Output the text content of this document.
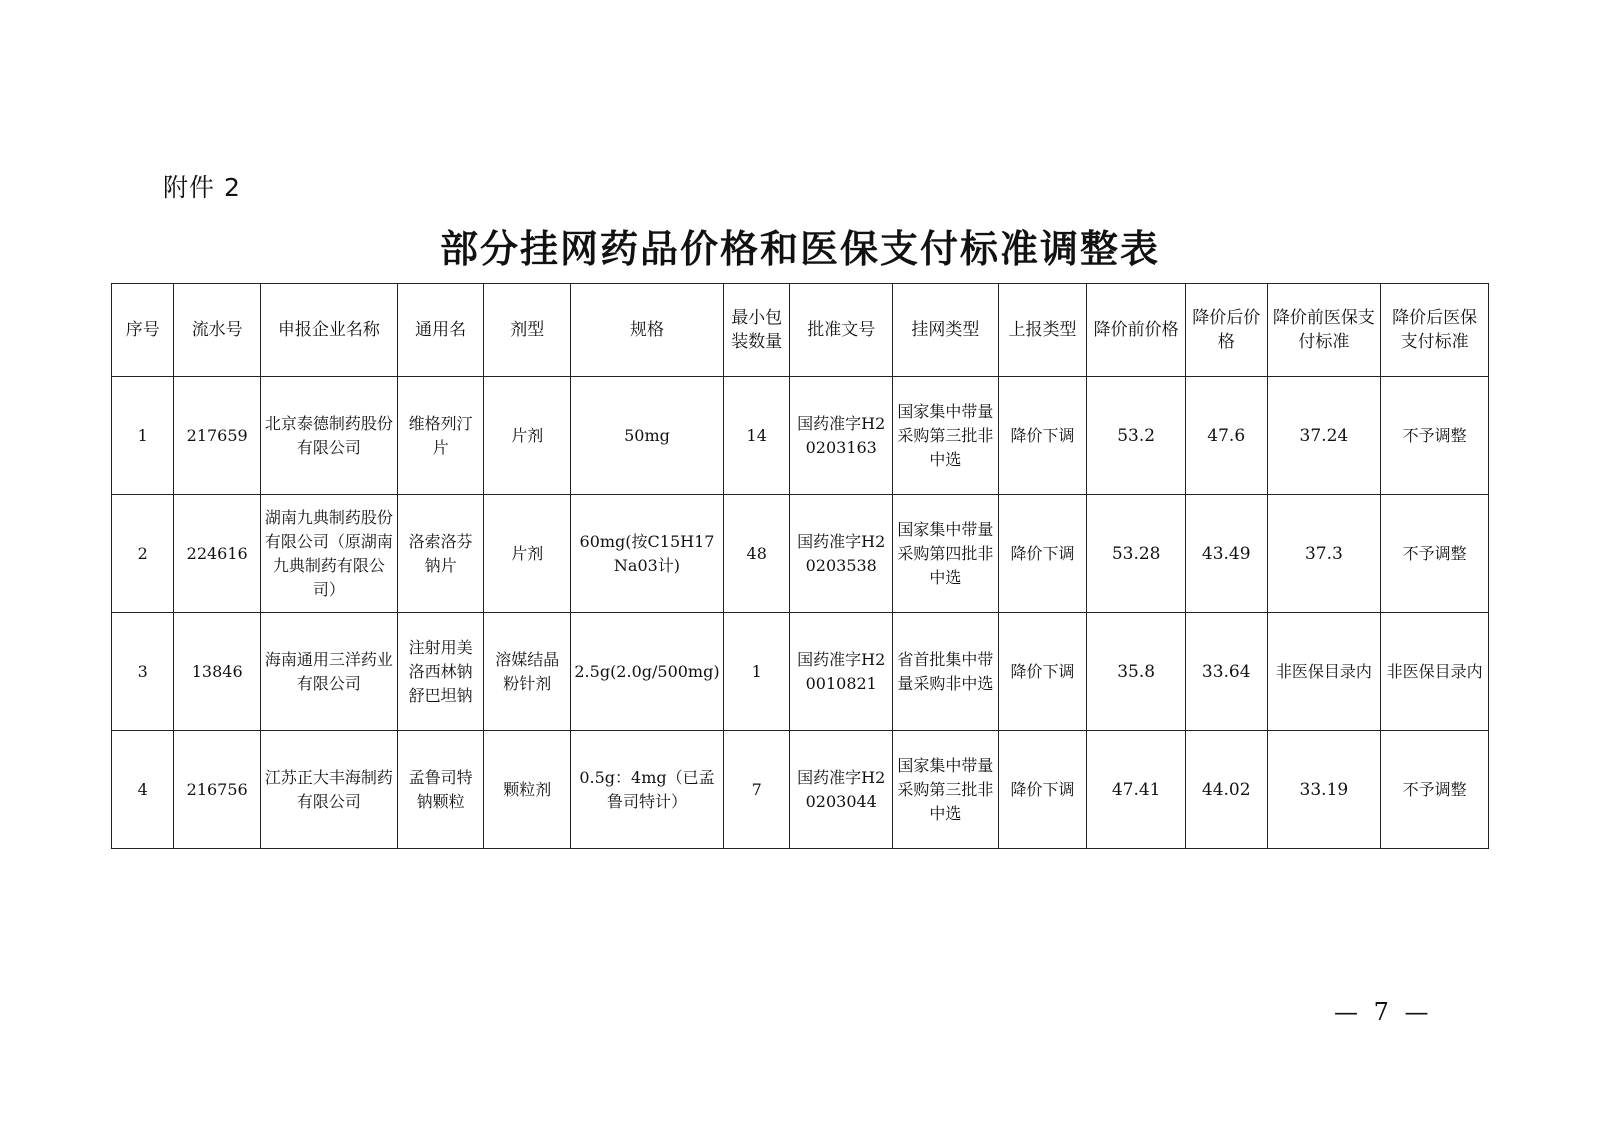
附件 2
部分挂网药品价格和医保支付标准调整表
序号	流水号	申报企业名称	通用名	剂型	规格	最小包装数量	批准文号	挂网类型	上报类型	降价前价格	降价后价格	降价前医保支付标准	降价后医保支付标准
1	217659	北京泰德制药股份有限公司	维格列汀片	片剂	50mg	14	国药准字H20203163	国家集中带量采购第三批非中选	降价下调	53.2	47.6	37.24	不予调整
2	224616	湖南九典制药股份有限公司（原湖南九典制药有限公司）	洛索洛芬钠片	片剂	60mg(按C15H17Na03计)	48	国药准字H20203538	国家集中带量采购第四批非中选	降价下调	53.28	43.49	37.3	不予调整
3	13846	海南通用三洋药业有限公司	注射用美洛西林钠舒巴坦钠	溶媒结晶粉针剂	2.5g(2.0g/500mg)	1	国药准字H20010821	省首批集中带量采购非中选	降价下调	35.8	33.64	非医保目录内	非医保目录内
4	216756	江苏正大丰海制药有限公司	孟鲁司特钠颗粒	颗粒剂	0.5g：4mg（已孟鲁司特计）	7	国药准字H20203044	国家集中带量采购第三批非中选	降价下调	47.41	44.02	33.19	不予调整
— 7 —
